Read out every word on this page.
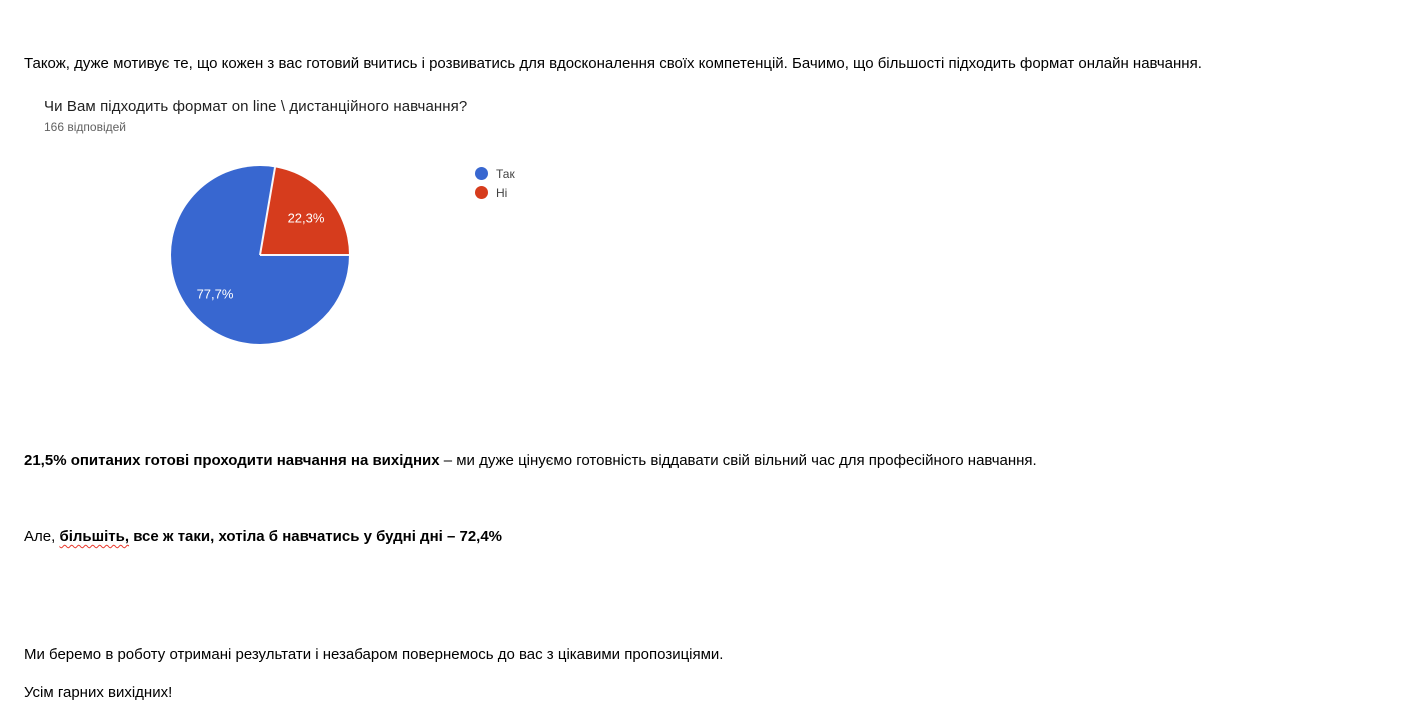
Також, дуже мотивує те, що кожен з вас готовий вчитись і розвиватись для вдосконалення своїх компетенцій. Бачимо, що більшості підходить формат онлайн навчання.

Чи Вам підходить формат on line \ дистанційного навчання?
166 відповідей
77,7%
22,3%
Так
Ні

21,5% опитаних готові проходити навчання на вихідних – ми дуже цінуємо готовність віддавати свій вільний час для професійного навчання.

Але, більшіть, все ж таки, хотіла б навчатись у будні дні – 72,4%

Ми беремо в роботу отримані результати і незабаром повернемось до вас з цікавими пропозиціями.

Усім гарних вихідних!
